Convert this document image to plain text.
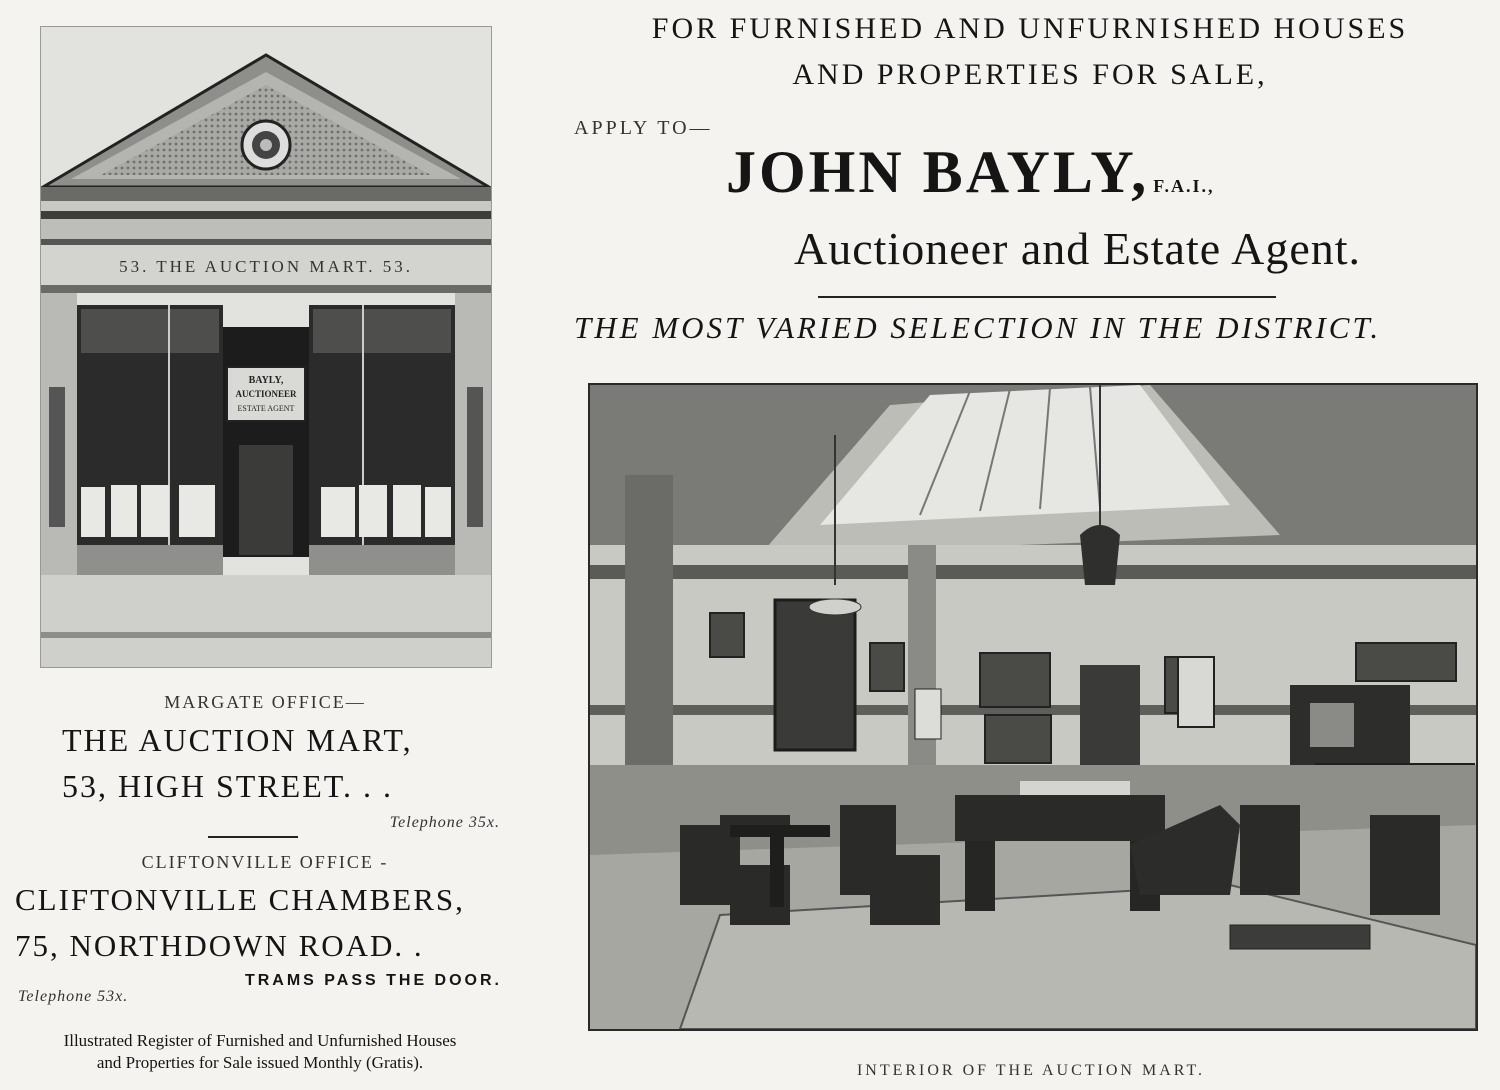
53. THE AUCTION MART. 53.
BAYLY,
AUCTIONEER
ESTATE AGENT
MARGATE OFFICE—
THE AUCTION MART,
53, HIGH STREET. . .
Telephone 35x.
CLIFTONVILLE OFFICE -
CLIFTONVILLE CHAMBERS,
75, NORTHDOWN ROAD. .
TRAMS PASS THE DOOR.
Telephone 53x.
Illustrated Register of Furnished and Unfurnished Houses
and Properties for Sale issued Monthly (Gratis).
FOR FURNISHED AND UNFURNISHED HOUSES
AND PROPERTIES FOR SALE,
APPLY TO—
JOHN BAYLY, F.A.I.,
Auctioneer and Estate Agent.
THE MOST VARIED SELECTION IN THE DISTRICT.
INTERIOR OF THE AUCTION MART.
